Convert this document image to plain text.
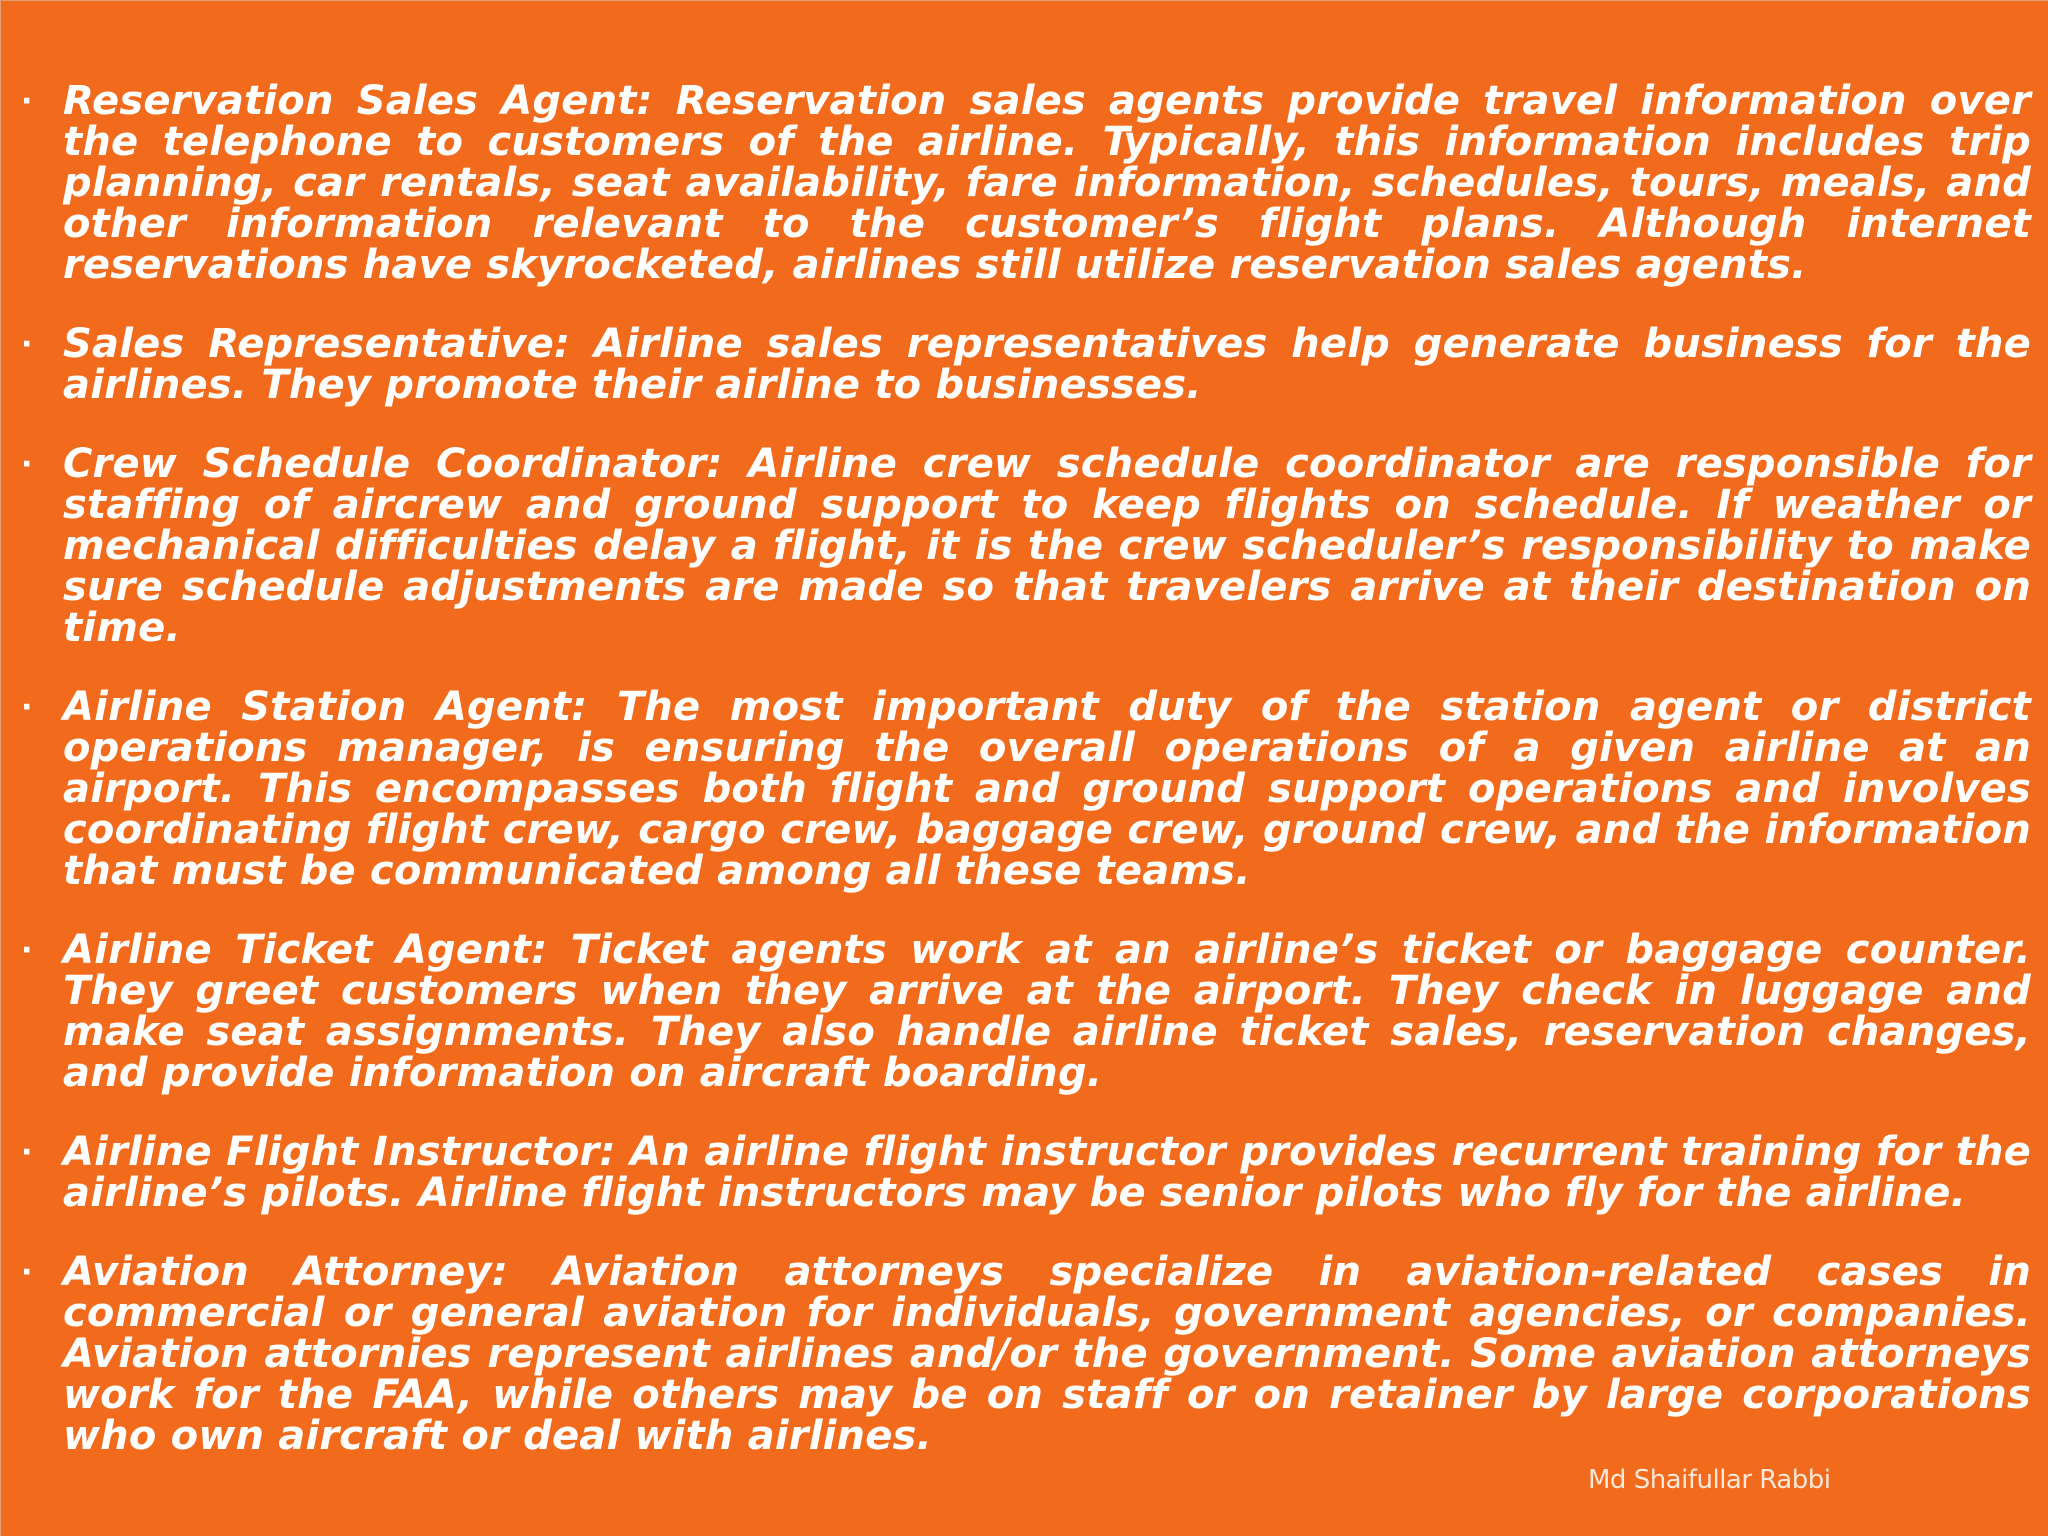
· Reservation Sales Agent: Reservation sales agents provide travel information over the telephone to customers of the airline. Typically, this information includes trip planning, car rentals, seat availability, fare information, schedules, tours, meals, and other information relevant to the customer’s flight plans. Although internet reservations have skyrocketed, airlines still utilize reservation sales agents.
· Sales Representative: Airline sales representatives help generate business for the airlines. They promote their airline to businesses.
· Crew Schedule Coordinator: Airline crew schedule coordinator are responsible for staffing of aircrew and ground support to keep flights on schedule. If weather or mechanical difficulties delay a flight, it is the crew scheduler’s responsibility to make sure schedule adjustments are made so that travelers arrive at their destination on time.
· Airline Station Agent: The most important duty of the station agent or district operations manager, is ensuring the overall operations of a given airline at an airport. This encompasses both flight and ground support operations and involves coordinating flight crew, cargo crew, baggage crew, ground crew, and the information that must be communicated among all these teams.
· Airline Ticket Agent: Ticket agents work at an airline’s ticket or baggage counter. They greet customers when they arrive at the airport. They check in luggage and make seat assignments. They also handle airline ticket sales, reservation changes, and provide information on aircraft boarding.
· Airline Flight Instructor: An airline flight instructor provides recurrent training for the airline’s pilots. Airline flight instructors may be senior pilots who fly for the airline.
· Aviation Attorney: Aviation attorneys specialize in aviation-related cases in commercial or general aviation for individuals, government agencies, or companies. Aviation attornies represent airlines and/or the government. Some aviation attorneys work for the FAA, while others may be on staff or on retainer by large corporations who own aircraft or deal with airlines.
Md Shaifullar Rabbi
